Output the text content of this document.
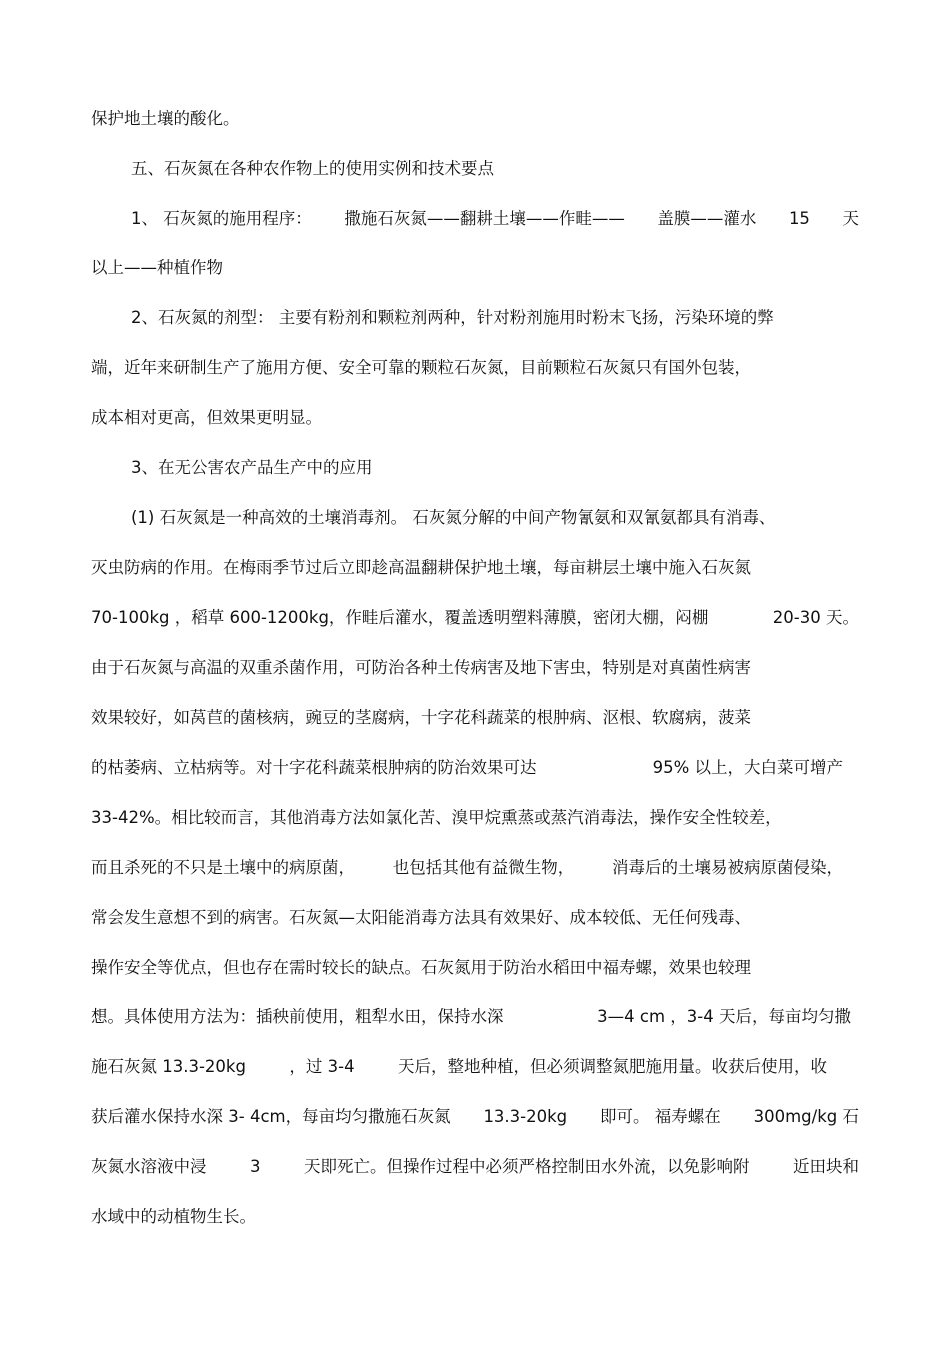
保护地土壤的酸化。
五、石灰氮在各种农作物上的使用实例和技术要点
1、 石灰氮的施用程序： 撒施石灰氮——翻耕土壤——作畦—— 盖膜——灌水 15 天
以上——种植作物
2、石灰氮的剂型： 主要有粉剂和颗粒剂两种，针对粉剂施用时粉末飞扬，污染环境的弊
端，近年来研制生产了施用方便、安全可靠的颗粒石灰氮，目前颗粒石灰氮只有国外包装，
成本相对更高，但效果更明显。
3、在无公害农产品生产中的应用
(1) 石灰氮是一种高效的土壤消毒剂。 石灰氮分解的中间产物氰氨和双氰氨都具有消毒、
灭虫防病的作用。在梅雨季节过后立即趁高温翻耕保护地土壤，每亩耕层土壤中施入石灰氮
70-100kg ，稻草 600-1200kg，作畦后灌水，覆盖透明塑料薄膜，密闭大棚，闷棚	20-30 天。
由于石灰氮与高温的双重杀菌作用，可防治各种土传病害及地下害虫，特别是对真菌性病害
效果较好，如莴苣的菌核病，豌豆的茎腐病，十字花科蔬菜的根肿病、沤根、软腐病，菠菜
的枯萎病、立枯病等。对十字花科蔬菜根肿病的防治效果可达	95% 以上，大白菜可增产
33-42%。相比较而言，其他消毒方法如氯化苦、溴甲烷熏蒸或蒸汽消毒法，操作安全性较差，
而且杀死的不只是土壤中的病原菌， 也包括其他有益微生物， 消毒后的土壤易被病原菌侵染，
常会发生意想不到的病害。石灰氮—太阳能消毒方法具有效果好、成本较低、无任何残毒、
操作安全等优点，但也存在需时较长的缺点。石灰氮用于防治水稻田中福寿螺，效果也较理
想。具体使用方法为：插秧前使用，粗犁水田，保持水深	3—4 cm ，3-4 天后，每亩均匀撒
施石灰氮 13.3-20kg	，过 3-4	天后，整地种植，但必须调整氮肥施用量。收获后使用，收
获后灌水保持水深 3- 4cm，每亩均匀撒施石灰氮 13.3-20kg 即可。 福寿螺在 300mg/kg 石
灰氮水溶液中浸	3	天即死亡。但操作过程中必须严格控制田水外流，以免影响附	近田块和
水域中的动植物生长。
